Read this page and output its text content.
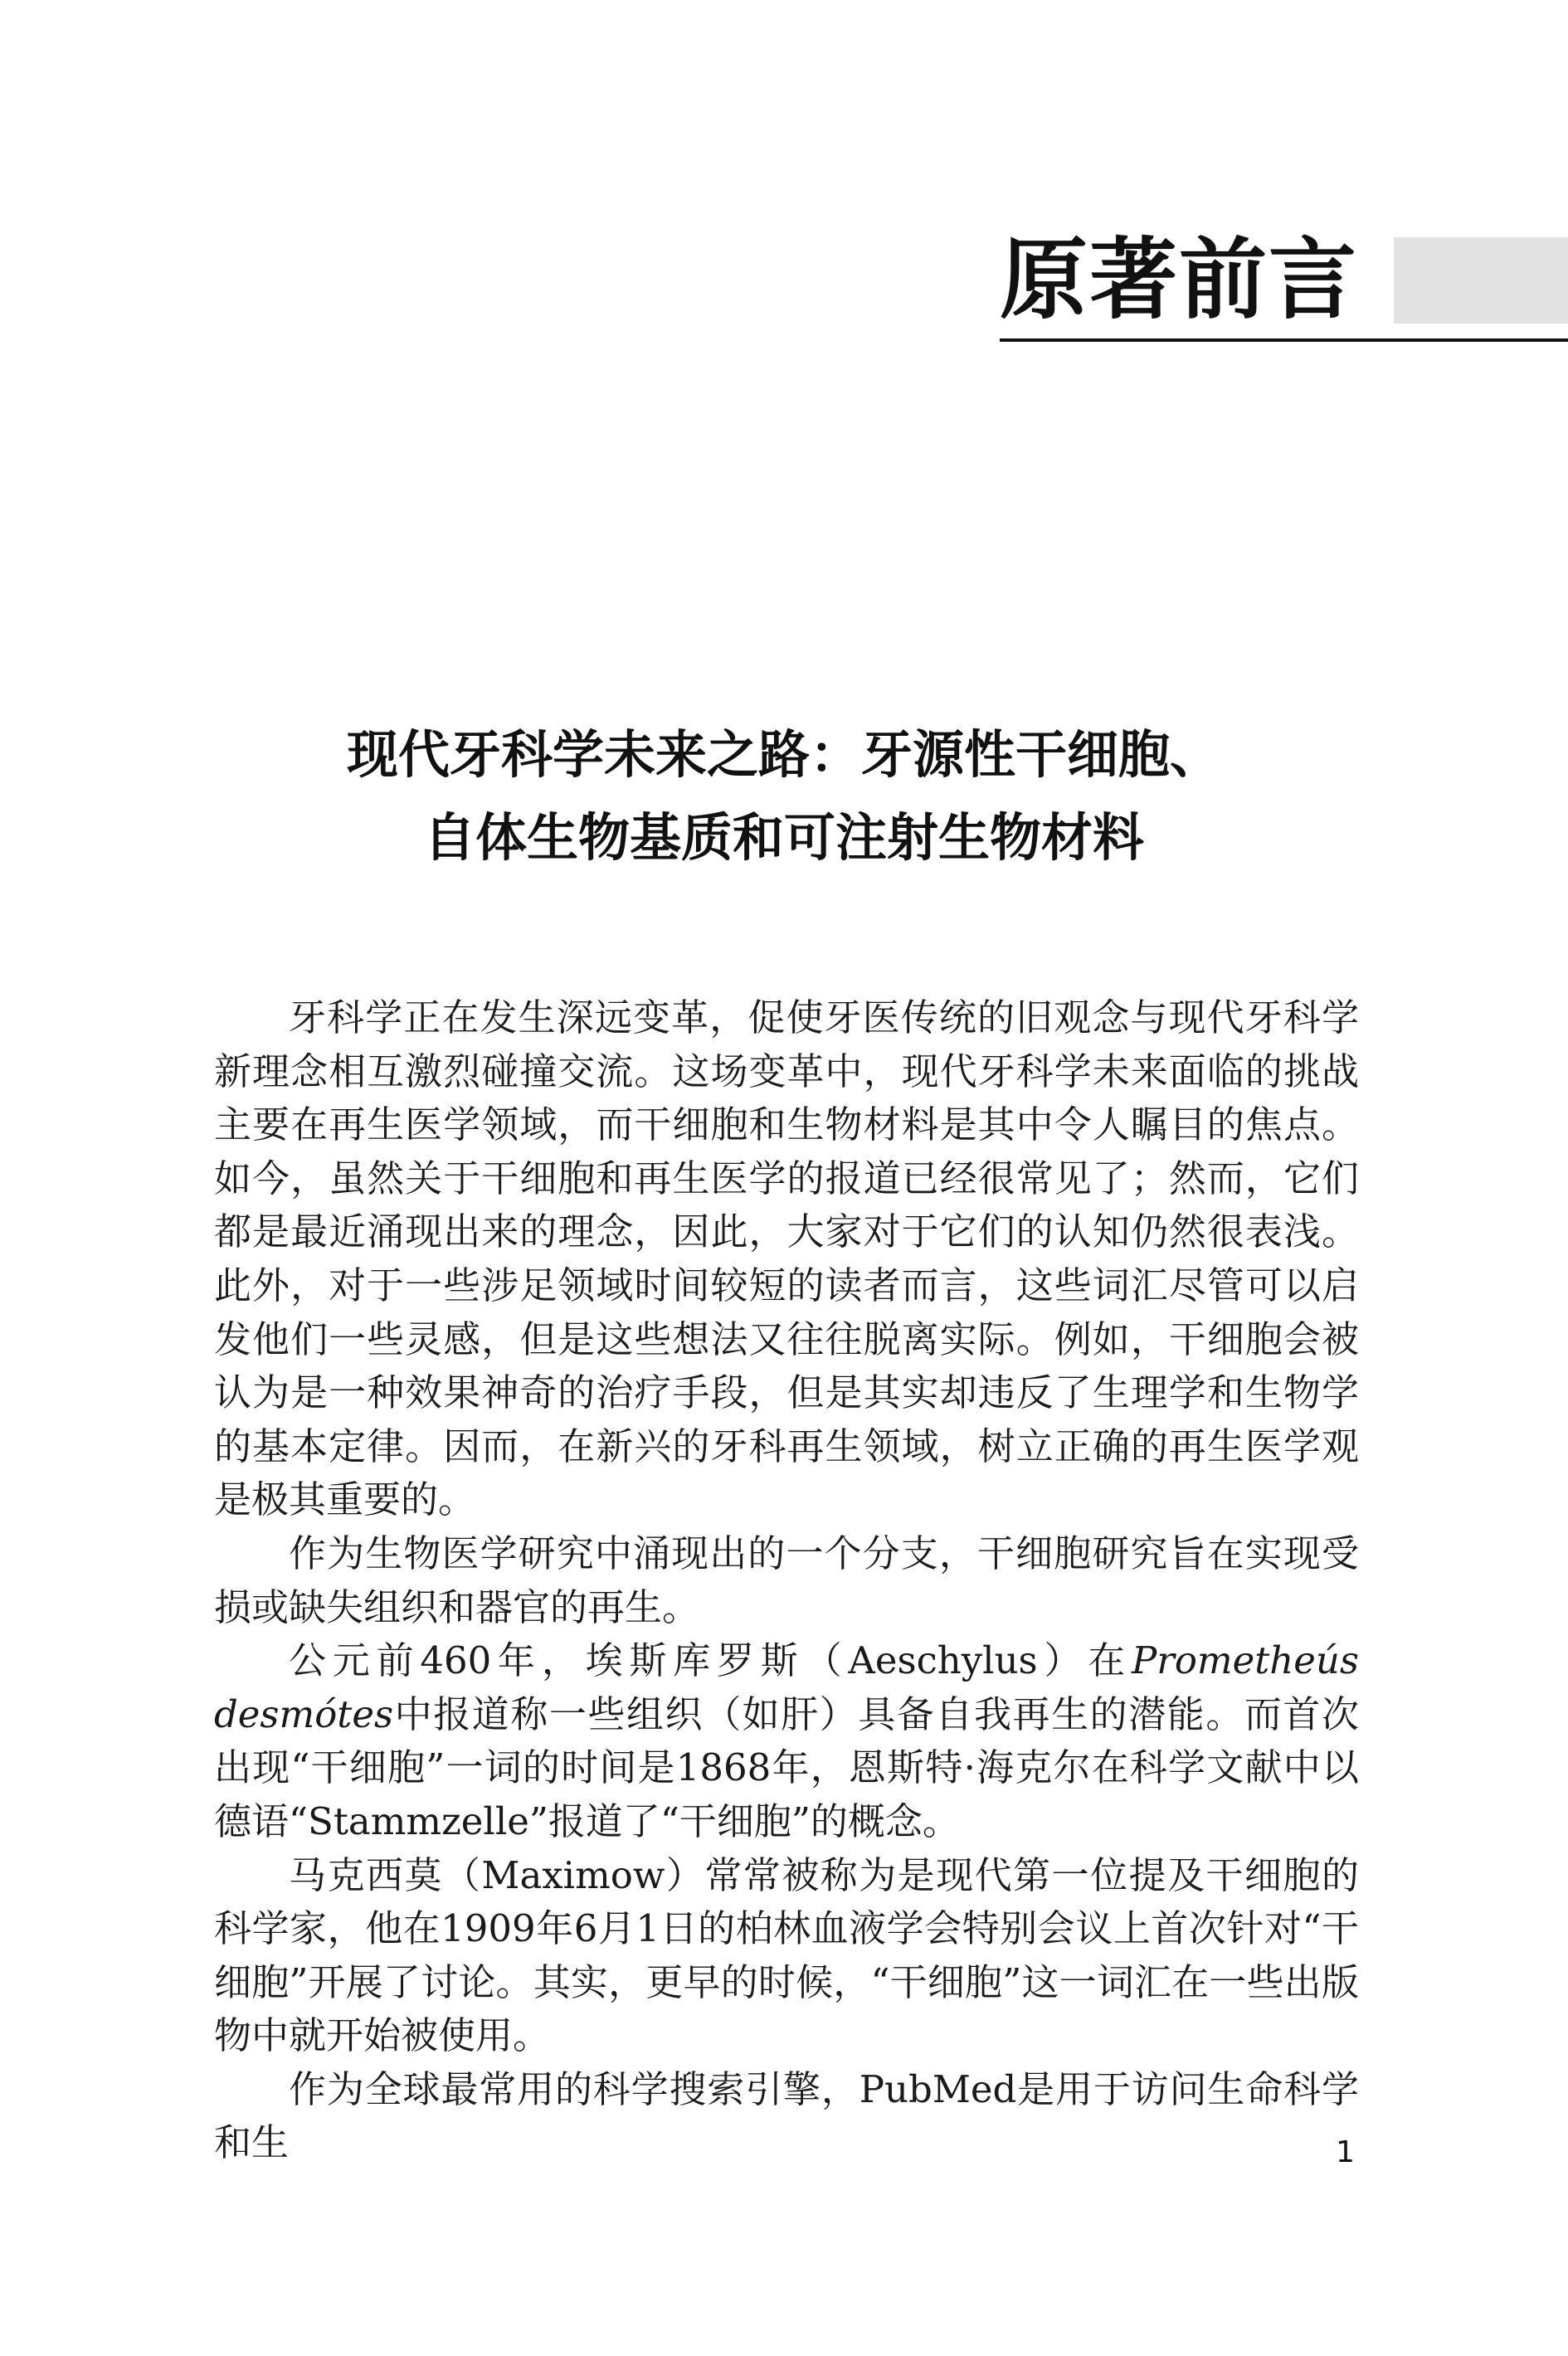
原著前言
现代牙科学未来之路：牙源性干细胞、
自体生物基质和可注射生物材料

牙科学正在发生深远变革，促使牙医传统的旧观念与现代牙科学新理念相互激烈碰撞交流。这场变革中，现代牙科学未来面临的挑战主要在再生医学领域，而干细胞和生物材料是其中令人瞩目的焦点。如今，虽然关于干细胞和再生医学的报道已经很常见了；然而，它们都是最近涌现出来的理念，因此，大家对于它们的认知仍然很表浅。此外，对于一些涉足领域时间较短的读者而言，这些词汇尽管可以启发他们一些灵感，但是这些想法又往往脱离实际。例如，干细胞会被认为是一种效果神奇的治疗手段，但是其实却违反了生理学和生物学的基本定律。因而，在新兴的牙科再生领域，树立正确的再生医学观是极其重要的。

作为生物医学研究中涌现出的一个分支，干细胞研究旨在实现受损或缺失组织和器官的再生。

公元前460年，埃斯库罗斯（Aeschylus）在Prometheús desmótes中报道称一些组织（如肝）具备自我再生的潜能。而首次出现“干细胞”一词的时间是1868年，恩斯特·海克尔在科学文献中以德语“Stammzelle”报道了“干细胞”的概念。

马克西莫（Maximow）常常被称为是现代第一位提及干细胞的科学家，他在1909年6月1日的柏林血液学会特别会议上首次针对“干细胞”开展了讨论。其实，更早的时候，“干细胞”这一词汇在一些出版物中就开始被使用。

作为全球最常用的科学搜索引擎，PubMed是用于访问生命科学和生	1
